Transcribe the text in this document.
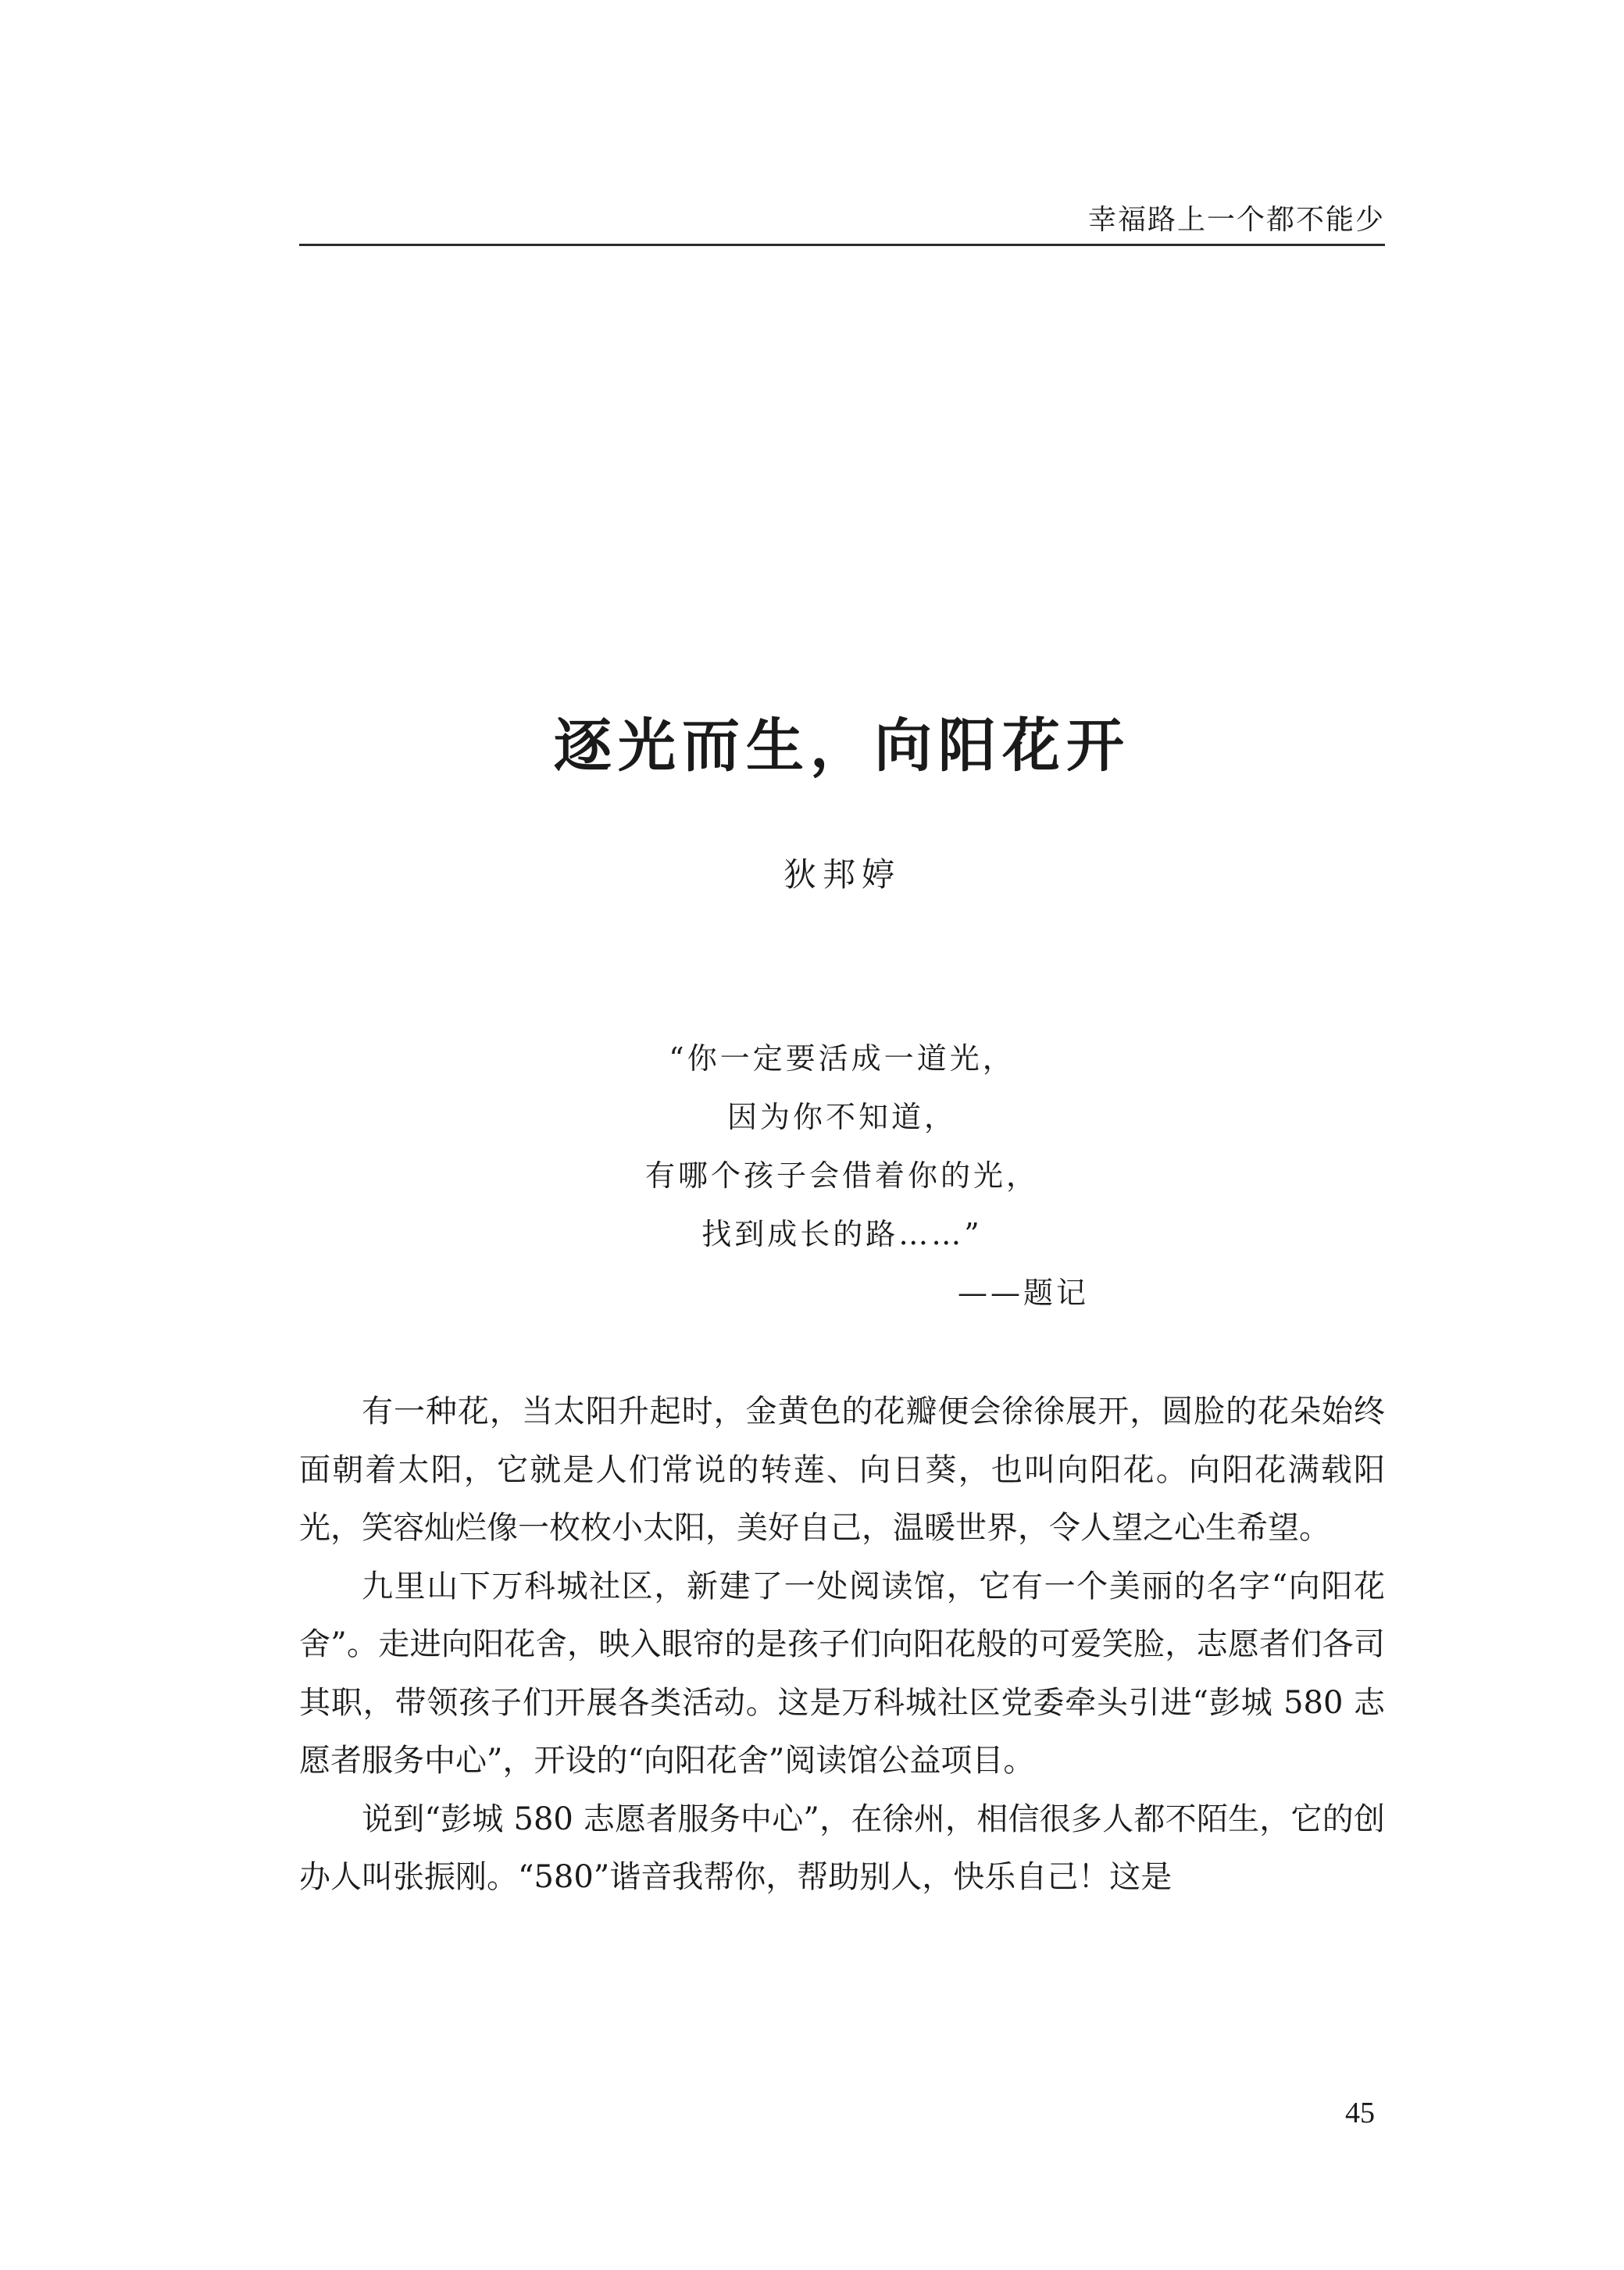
幸福路上一个都不能少
逐光而生，向阳花开
狄邦婷
“你一定要活成一道光，
因为你不知道，
有哪个孩子会借着你的光，
找到成长的路……”
——题记

有一种花，当太阳升起时，金黄色的花瓣便会徐徐展开，圆脸的花朵始终面朝着太阳，它就是人们常说的转莲、向日葵，也叫向阳花。向阳花满载阳光，笑容灿烂像一枚枚小太阳，美好自己，温暖世界，令人望之心生希望。

九里山下万科城社区，新建了一处阅读馆，它有一个美丽的名字“向阳花舍”。走进向阳花舍，映入眼帘的是孩子们向阳花般的可爱笑脸，志愿者们各司其职，带领孩子们开展各类活动。这是万科城社区党委牵头引进“彭城 580 志愿者服务中心”，开设的“向阳花舍”阅读馆公益项目。

说到“彭城 580 志愿者服务中心”，在徐州，相信很多人都不陌生，它的创办人叫张振刚。“580”谐音我帮你，帮助别人，快乐自己！这是

45
